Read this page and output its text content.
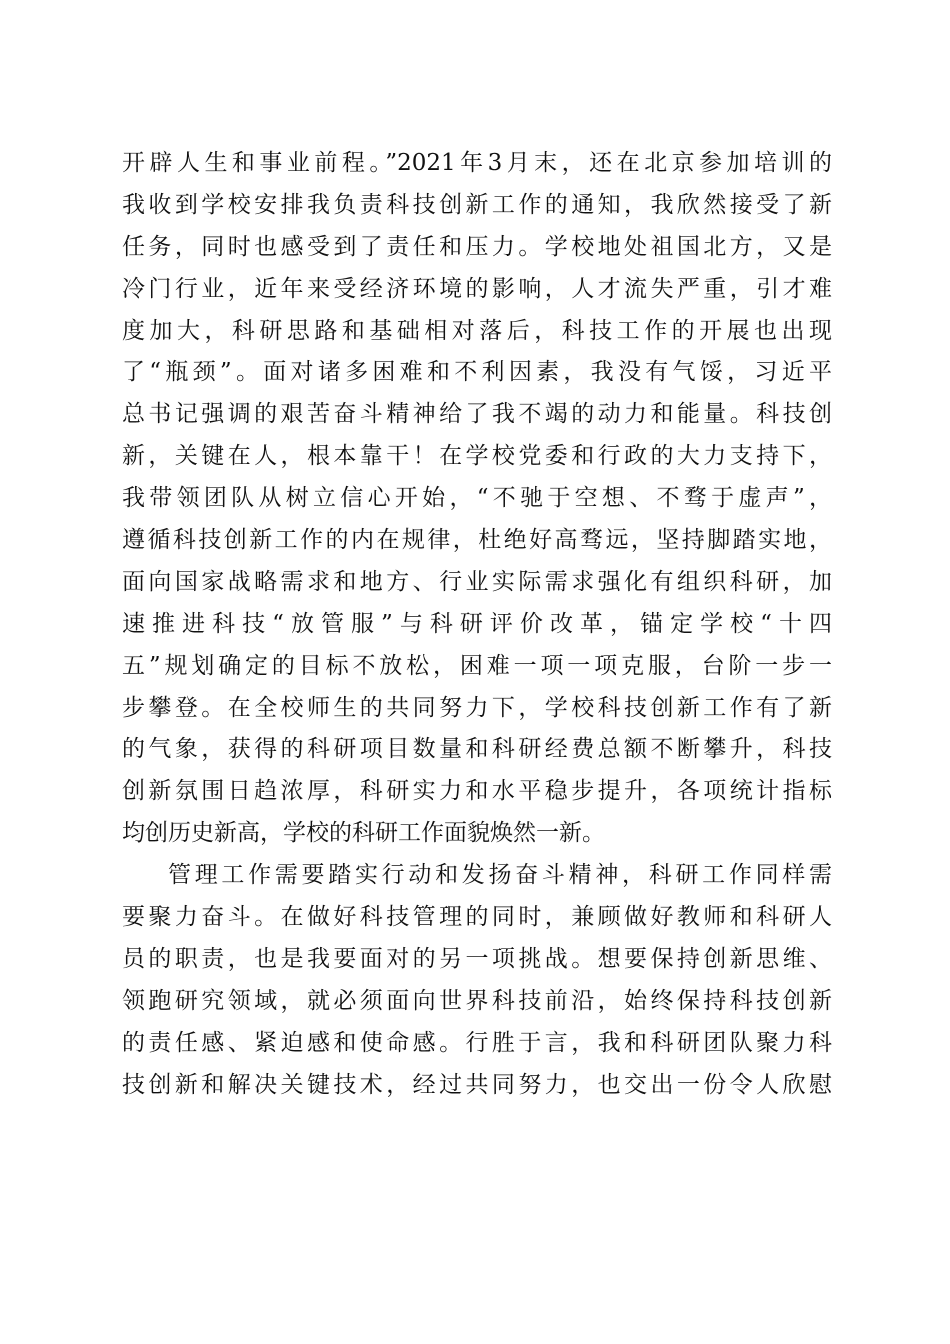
开辟人生和事业前程。”2021年3月末，还在北京参加培训的
我收到学校安排我负责科技创新工作的通知，我欣然接受了新
任务，同时也感受到了责任和压力。学校地处祖国北方，又是
冷门行业，近年来受经济环境的影响，人才流失严重，引才难
度加大，科研思路和基础相对落后，科技工作的开展也出现
了“瓶颈”。面对诸多困难和不利因素，我没有气馁，习近平
总书记强调的艰苦奋斗精神给了我不竭的动力和能量。科技创
新，关键在人，根本靠干！在学校党委和行政的大力支持下，
我带领团队从树立信心开始，“不驰于空想、不骛于虚声”，
遵循科技创新工作的内在规律，杜绝好高骛远，坚持脚踏实地，
面向国家战略需求和地方、行业实际需求强化有组织科研，加
速推进科技“放管服”与科研评价改革，锚定学校“十四
五”规划确定的目标不放松，困难一项一项克服，台阶一步一
步攀登。在全校师生的共同努力下，学校科技创新工作有了新
的气象，获得的科研项目数量和科研经费总额不断攀升，科技
创新氛围日趋浓厚，科研实力和水平稳步提升，各项统计指标
均创历史新高，学校的科研工作面貌焕然一新。
管理工作需要踏实行动和发扬奋斗精神，科研工作同样需
要聚力奋斗。在做好科技管理的同时，兼顾做好教师和科研人
员的职责，也是我要面对的另一项挑战。想要保持创新思维、
领跑研究领域，就必须面向世界科技前沿，始终保持科技创新
的责任感、紧迫感和使命感。行胜于言，我和科研团队聚力科
技创新和解决关键技术，经过共同努力，也交出一份令人欣慰
